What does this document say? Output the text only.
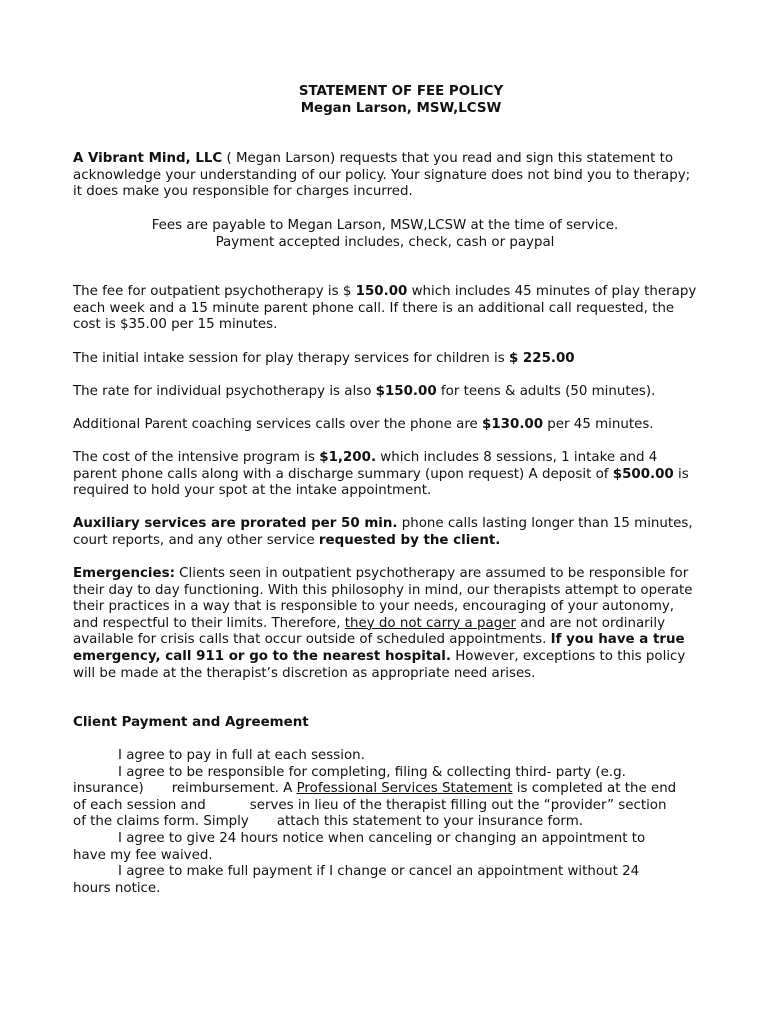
STATEMENT OF FEE POLICY
Megan Larson, MSW,LCSW

A Vibrant Mind, LLC ( Megan Larson) requests that you read and sign this statement to acknowledge your understanding of our policy. Your signature does not bind you to therapy; it does make you responsible for charges incurred.

Fees are payable to Megan Larson, MSW,LCSW at the time of service.
Payment accepted includes, check, cash or paypal

The fee for outpatient psychotherapy is $ 150.00 which includes 45 minutes of play therapy each week and a 15 minute parent phone call. If there is an additional call requested, the cost is $35.00 per 15 minutes.

The initial intake session for play therapy services for children is $ 225.00

The rate for individual psychotherapy is also $150.00 for teens & adults (50 minutes).

Additional Parent coaching services calls over the phone are $130.00 per 45 minutes.

The cost of the intensive program is $1,200. which includes 8 sessions, 1 intake and 4 parent phone calls along with a discharge summary (upon request) A deposit of $500.00 is required to hold your spot at the intake appointment.

Auxiliary services are prorated per 50 min. phone calls lasting longer than 15 minutes, court reports, and any other service requested by the client.

Emergencies: Clients seen in outpatient psychotherapy are assumed to be responsible for their day to day functioning. With this philosophy in mind, our therapists attempt to operate their practices in a way that is responsible to your needs, encouraging of your autonomy, and respectful to their limits. Therefore, they do not carry a pager and are not ordinarily available for crisis calls that occur outside of scheduled appointments. If you have a true emergency, call 911 or go to the nearest hospital. However, exceptions to this policy will be made at the therapist’s discretion as appropriate need arises.

Client Payment and Agreement

I agree to pay in full at each session.
I agree to be responsible for completing, filing & collecting third- party (e.g.
insurance) reimbursement. A Professional Services Statement is completed at the end
of each session and	serves in lieu of the therapist filling out the “provider” section
of the claims form. Simply attach this statement to your insurance form.
I agree to give 24 hours notice when canceling or changing an appointment to
have my fee waived.
I agree to make full payment if I change or cancel an appointment without 24
hours notice.
